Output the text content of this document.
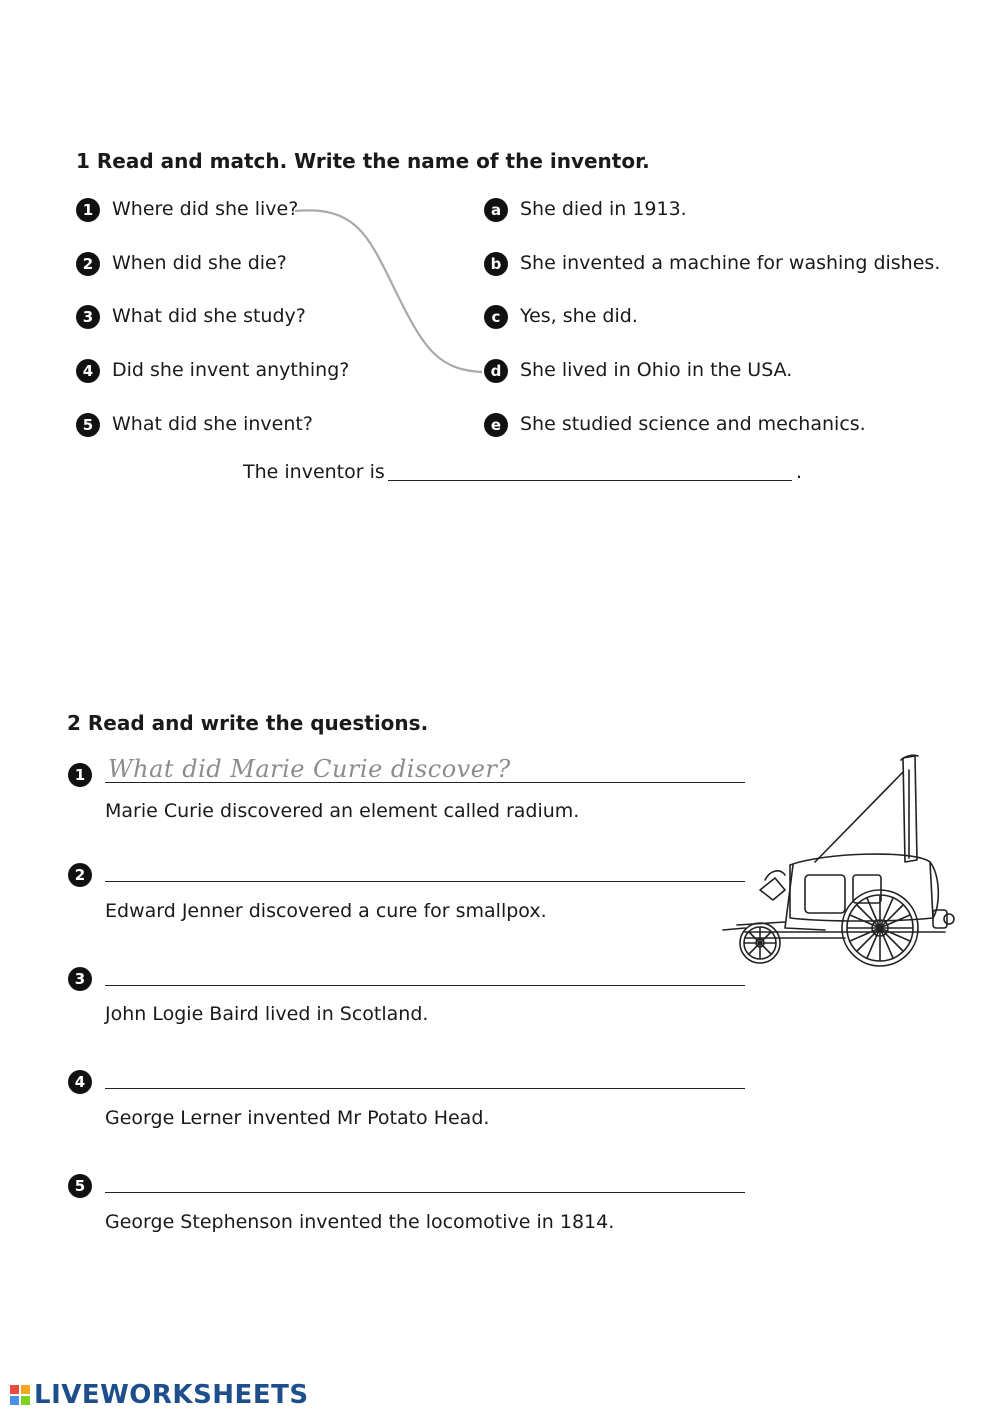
1 Read and match. Write the name of the inventor.
1 Where did she live?
2 When did she die?
3 What did she study?
4 Did she invent anything?
5 What did she invent?
a She died in 1913.
b She invented a machine for washing dishes.
c	Yes, she did.
d She lived in Ohio in the USA.
e She studied science and mechanics.
The inventor is	.
2 Read and write the questions.
1 What did Marie Curie discover?
Marie Curie discovered an element called radium.
2
Edward Jenner discovered a cure for smallpox.
3
John Logie Baird lived in Scotland.
4
George Lerner invented Mr Potato Head.
5
George Stephenson invented the locomotive in 1814.
LIVEWORKSHEETS
